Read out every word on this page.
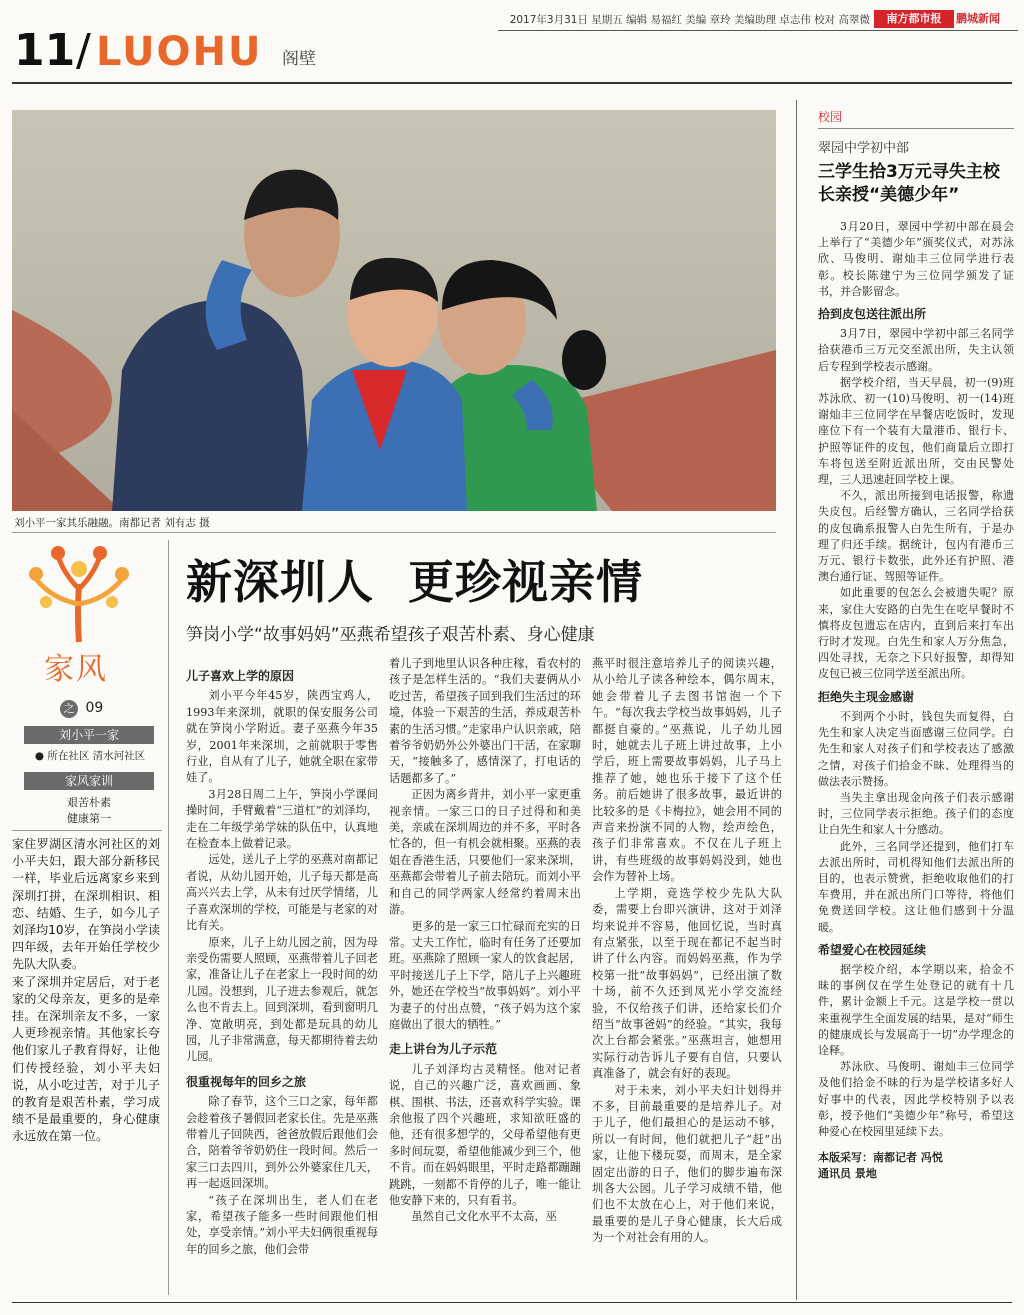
2017年3月31日 星期五 编辑 易福红 美编 章玲 美编助理 卓志伟 校对 高翠微	南方都市报	鹏城新闻
11 / LUOHU 阁壁
刘小平一家其乐融融。南都记者 刘有志 摄
家风
之 09
刘小平一家
● 所在社区 清水河社区
家风家训
艰苦朴素
健康第一
家住罗湖区清水河社区的刘小平夫妇，跟大部分新移民一样，毕业后远离家乡来到深圳打拼，在深圳相识、相恋、结婚、生子，如今儿子刘泽均10岁，在笋岗小学读四年级，去年开始任学校少先队大队委。
来了深圳并定居后，对于老家的父母亲友，更多的是牵挂。在深圳亲友不多，一家人更珍视亲情。其他家长夸他们家儿子教育得好，让他们传授经验，刘小平夫妇说，从小吃过苦，对于儿子的教育是艰苦朴素，学习成绩不是最重要的，身心健康永远放在第一位。
新深圳人  更珍视亲情
笋岗小学“故事妈妈”巫燕希望孩子艰苦朴素、身心健康
儿子喜欢上学的原因

刘小平今年45岁，陕西宝鸡人，1993年来深圳，就职的保安服务公司就在笋岗小学附近。妻子巫燕今年35岁，2001年来深圳，之前就职于零售行业，自从有了儿子，她就全职在家带娃了。

3月28日周二上午，笋岗小学课间操时间，手臂戴着“三道杠”的刘泽均，走在二年级学弟学妹的队伍中，认真地在检查本上做着记录。

远处，送儿子上学的巫燕对南都记者说，从幼儿园开始，儿子每天都是高高兴兴去上学，从未有过厌学情绪，儿子喜欢深圳的学校，可能是与老家的对比有关。

原来，儿子上幼儿园之前，因为母亲受伤需要人照顾，巫燕带着儿子回老家，准备让儿子在老家上一段时间的幼儿园。没想到，儿子进去参观后，就怎么也不肯去上。回到深圳，看到窗明几净、宽敞明亮，到处都是玩具的幼儿园，儿子非常满意，每天都期待着去幼儿园。

很重视每年的回乡之旅

除了春节，这个三口之家，每年都会趁着孩子暑假回老家长住。先是巫燕带着儿子回陕西，爸爸放假后跟他们会合，陪着爷爷奶奶住一段时间。然后一家三口去四川，到外公外婆家住几天，再一起返回深圳。

“孩子在深圳出生，老人们在老家，希望孩子能多一些时间跟他们相处，享受亲情。”刘小平夫妇俩很重视每年的回乡之旅，他们会带

着儿子到地里认识各种庄稼，看农村的孩子是怎样生活的。“我们夫妻俩从小吃过苦，希望孩子回到我们生活过的环境，体验一下艰苦的生活，养成艰苦朴素的生活习惯。”走家串户认识亲戚，陪着爷爷奶奶外公外婆出门干活，在家聊天，“接触多了，感情深了，打电话的话题都多了。”

正因为离乡背井，刘小平一家更重视亲情。一家三口的日子过得和和美美，亲戚在深圳周边的并不多，平时各忙各的，但一有机会就相聚。巫燕的表姐在香港生活，只要他们一家来深圳，巫燕都会带着儿子前去陪玩。而刘小平和自己的同学两家人经常约着周末出游。

更多的是一家三口忙碌而充实的日常。丈夫工作忙，临时有任务了还要加班。巫燕除了照顾一家人的饮食起居，平时接送儿子上下学，陪儿子上兴趣班外，她还在学校当“故事妈妈”。刘小平为妻子的付出点赞，“孩子妈为这个家庭做出了很大的牺牲。”

走上讲台为儿子示范

儿子刘泽均古灵精怪。他对记者说，自己的兴趣广泛，喜欢画画、象棋、围棋、书法，还喜欢科学实验。课余他报了四个兴趣班，求知欲旺盛的他，还有很多想学的，父母希望他有更多时间玩耍，希望他能减少到三个，他不肯。而在妈妈眼里，平时走路都蹦蹦跳跳，一刻都不肯停的儿子，唯一能让他安静下来的，只有看书。

虽然自己文化水平不太高，巫

燕平时很注意培养儿子的阅读兴趣，从小给儿子读各种绘本，偶尔周末，她会带着儿子去图书馆泡一个下午。“每次我去学校当故事妈妈，儿子都挺自豪的。”巫燕说，儿子幼儿园时，她就去儿子班上讲过故事，上小学后，班上需要故事妈妈，儿子马上推荐了她，她也乐于接下了这个任务。前后她讲了很多故事，最近讲的比较多的是《卡梅拉》，她会用不同的声音来扮演不同的人物，绘声绘色，孩子们非常喜欢。不仅在儿子班上讲，有些班级的故事妈妈没到，她也会作为替补上场。

上学期，竞选学校少先队大队委，需要上台即兴演讲，这对于刘泽均来说并不容易，他回忆说，当时真有点紧张，以至于现在都记不起当时讲了什么内容。而妈妈巫燕，作为学校第一批“故事妈妈”，已经出演了数十场，前不久还到凤光小学交流经验，不仅给孩子们讲，还给家长们介绍当“故事爸妈”的经验。“其实，我每次上台都会紧张。”巫燕坦言，她想用实际行动告诉儿子要有自信，只要认真准备了，就会有好的表现。

对于未来，刘小平夫妇计划得并不多，目前最重要的是培养儿子。对于儿子，他们最担心的是运动不够，所以一有时间，他们就把儿子“赶”出家，让他下楼玩耍，而周末，是全家固定出游的日子，他们的脚步遍布深圳各大公园。儿子学习成绩不错，他们也不太放在心上，对于他们来说，最重要的是儿子身心健康，长大后成为一个对社会有用的人。

校园
翠园中学初中部
三学生拾3万元寻失主校长亲授“美德少年”

3月20日，翠园中学初中部在晨会上举行了“美德少年”颁奖仪式，对苏泳欣、马俊明、谢灿丰三位同学进行表彰。校长陈建宁为三位同学颁发了证书，并合影留念。

拾到皮包送往派出所

3月7日，翠园中学初中部三名同学拾获港币三万元交至派出所，失主认领后专程到学校表示感谢。

据学校介绍，当天早晨，初一(9)班苏泳欣、初一(10)马俊明、初一(14)班谢灿丰三位同学在早餐店吃饭时，发现座位下有一个装有大量港币、银行卡、护照等证件的皮包，他们商量后立即打车将包送至附近派出所，交由民警处理，三人迅速赶回学校上课。

不久，派出所接到电话报警，称遗失皮包。后经警方确认，三名同学拾获的皮包确系报警人白先生所有，于是办理了归还手续。据统计，包内有港币三万元、银行卡数张，此外还有护照、港澳台通行证、驾照等证件。

如此重要的包怎么会被遗失呢？原来，家住大安路的白先生在吃早餐时不慎将皮包遗忘在店内，直到后来打车出行时才发现。白先生和家人万分焦急，四处寻找，无奈之下只好报警，却得知皮包已被三位同学送至派出所。

拒绝失主现金感谢

不到两个小时，钱包失而复得，白先生和家人决定当面感谢三位同学。白先生和家人对孩子们和学校表达了感激之情，对孩子们拾金不昧、处理得当的做法表示赞扬。

当失主拿出现金向孩子们表示感谢时，三位同学表示拒绝。孩子们的态度让白先生和家人十分感动。

此外，三名同学还提到，他们打车去派出所时，司机得知他们去派出所的目的，也表示赞赏，拒绝收取他们的打车费用，并在派出所门口等待，将他们免费送回学校。这让他们感到十分温暖。

希望爱心在校园延续

据学校介绍，本学期以来，拾金不昧的事例仅在学生处登记的就有十几件，累计金额上千元。这是学校一贯以来重视学生全面发展的结果，是对“师生的健康成长与发展高于一切”办学理念的诠释。

苏泳欣、马俊明、谢灿丰三位同学及他们拾金不昧的行为是学校诸多好人好事中的代表，因此学校特别予以表彰，授予他们“美德少年”称号，希望这种爱心在校园里延续下去。

本版采写：南都记者 冯悦
通讯员 景地
